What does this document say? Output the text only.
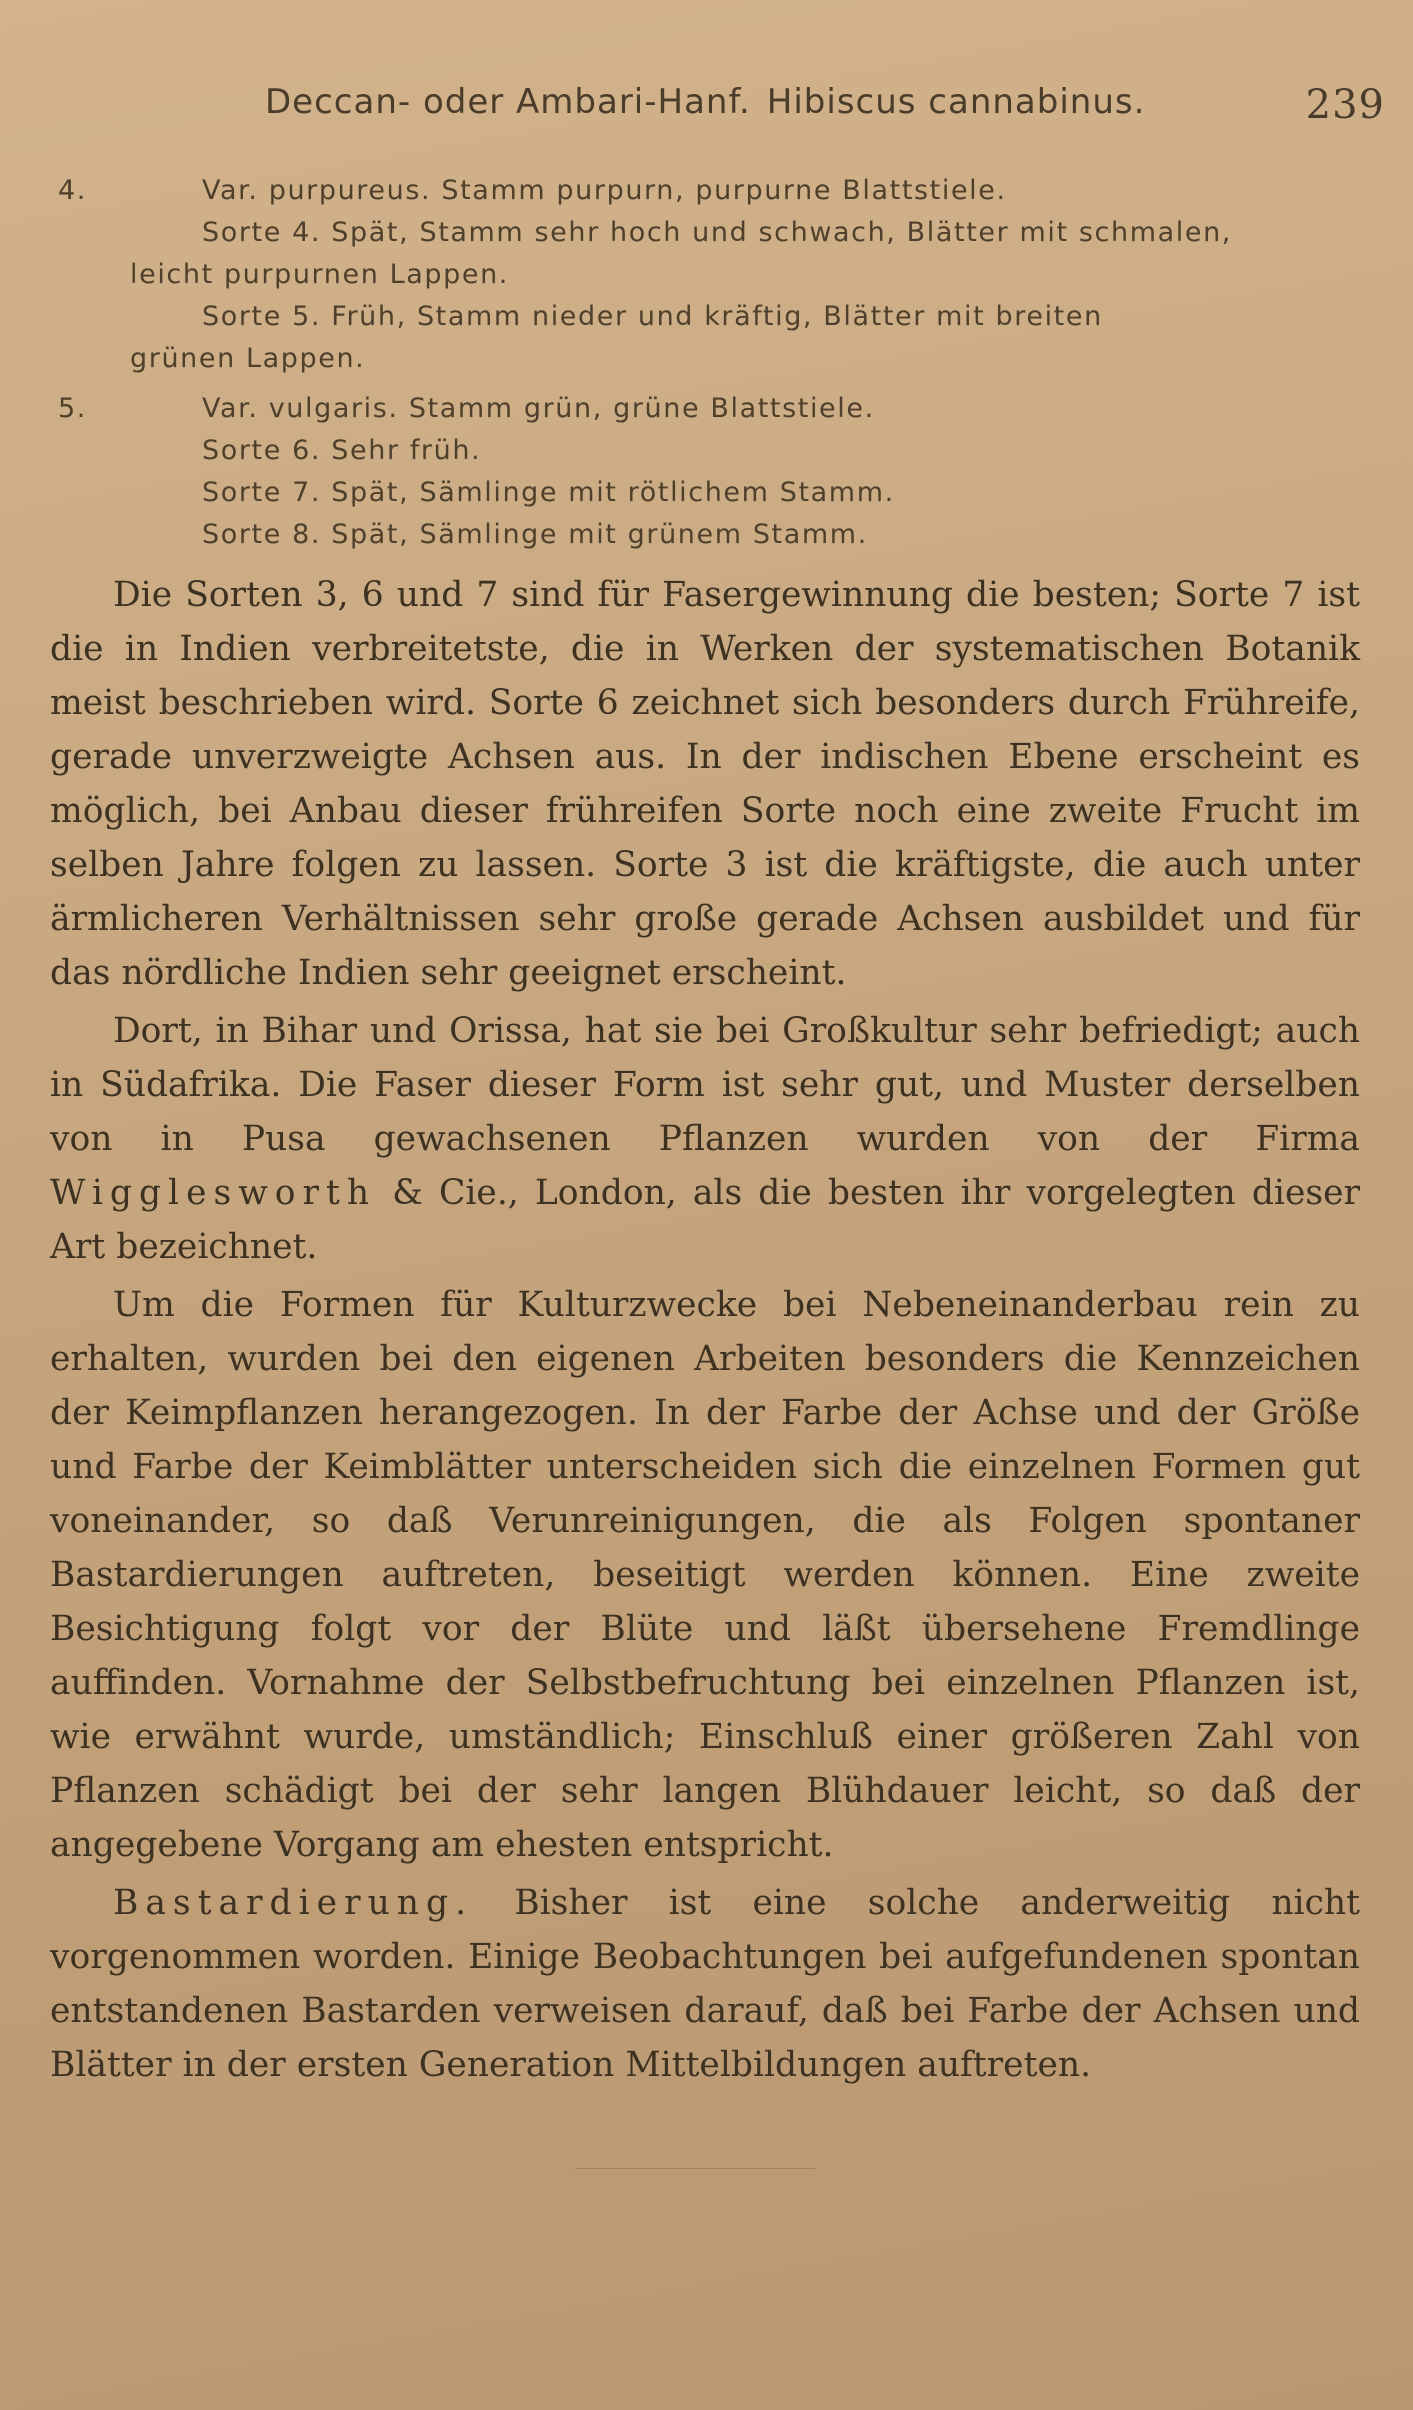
Deccan- oder Ambari-Hanf. Hibiscus cannabinus.	239
4.	Var. purpureus. Stamm purpurn, purpurne Blattstiele.
Sorte 4. Spät, Stamm sehr hoch und schwach, Blätter mit schmalen,
leicht purpurnen Lappen.
Sorte 5. Früh, Stamm nieder und kräftig, Blätter mit breiten
grünen Lappen.
5.	Var. vulgaris. Stamm grün, grüne Blattstiele.
Sorte 6. Sehr früh.
Sorte 7. Spät, Sämlinge mit rötlichem Stamm.
Sorte 8. Spät, Sämlinge mit grünem Stamm.

Die Sorten 3, 6 und 7 sind für Fasergewinnung die besten; Sorte 7 ist die in Indien verbreitetste, die in Werken der systematischen Botanik meist beschrieben wird. Sorte 6 zeichnet sich besonders durch Frühreife, gerade unverzweigte Achsen aus. In der indischen Ebene erscheint es möglich, bei Anbau dieser frühreifen Sorte noch eine zweite Frucht im selben Jahre folgen zu lassen. Sorte 3 ist die kräftigste, die auch unter ärmlicheren Verhältnissen sehr große gerade Achsen ausbildet und für das nördliche Indien sehr geeignet erscheint.

Dort, in Bihar und Orissa, hat sie bei Großkultur sehr befriedigt; auch in Südafrika. Die Faser dieser Form ist sehr gut, und Muster derselben von in Pusa gewachsenen Pflanzen wurden von der Firma Wigglesworth & Cie., London, als die besten ihr vorgelegten dieser Art bezeichnet.

Um die Formen für Kulturzwecke bei Nebeneinanderbau rein zu erhalten, wurden bei den eigenen Arbeiten besonders die Kennzeichen der Keimpflanzen herangezogen. In der Farbe der Achse und der Größe und Farbe der Keimblätter unterscheiden sich die einzelnen Formen gut voneinander, so daß Verunreinigungen, die als Folgen spontaner Bastardierungen auftreten, beseitigt werden können. Eine zweite Besichtigung folgt vor der Blüte und läßt übersehene Fremdlinge auffinden. Vornahme der Selbstbefruchtung bei einzelnen Pflanzen ist, wie erwähnt wurde, umständlich; Einschluß einer größeren Zahl von Pflanzen schädigt bei der sehr langen Blühdauer leicht, so daß der angegebene Vorgang am ehesten entspricht.

Bastardierung. Bisher ist eine solche anderweitig nicht vorgenommen worden. Einige Beobachtungen bei aufgefundenen spontan entstandenen Bastarden verweisen darauf, daß bei Farbe der Achsen und Blätter in der ersten Generation Mittelbildungen auftreten.
